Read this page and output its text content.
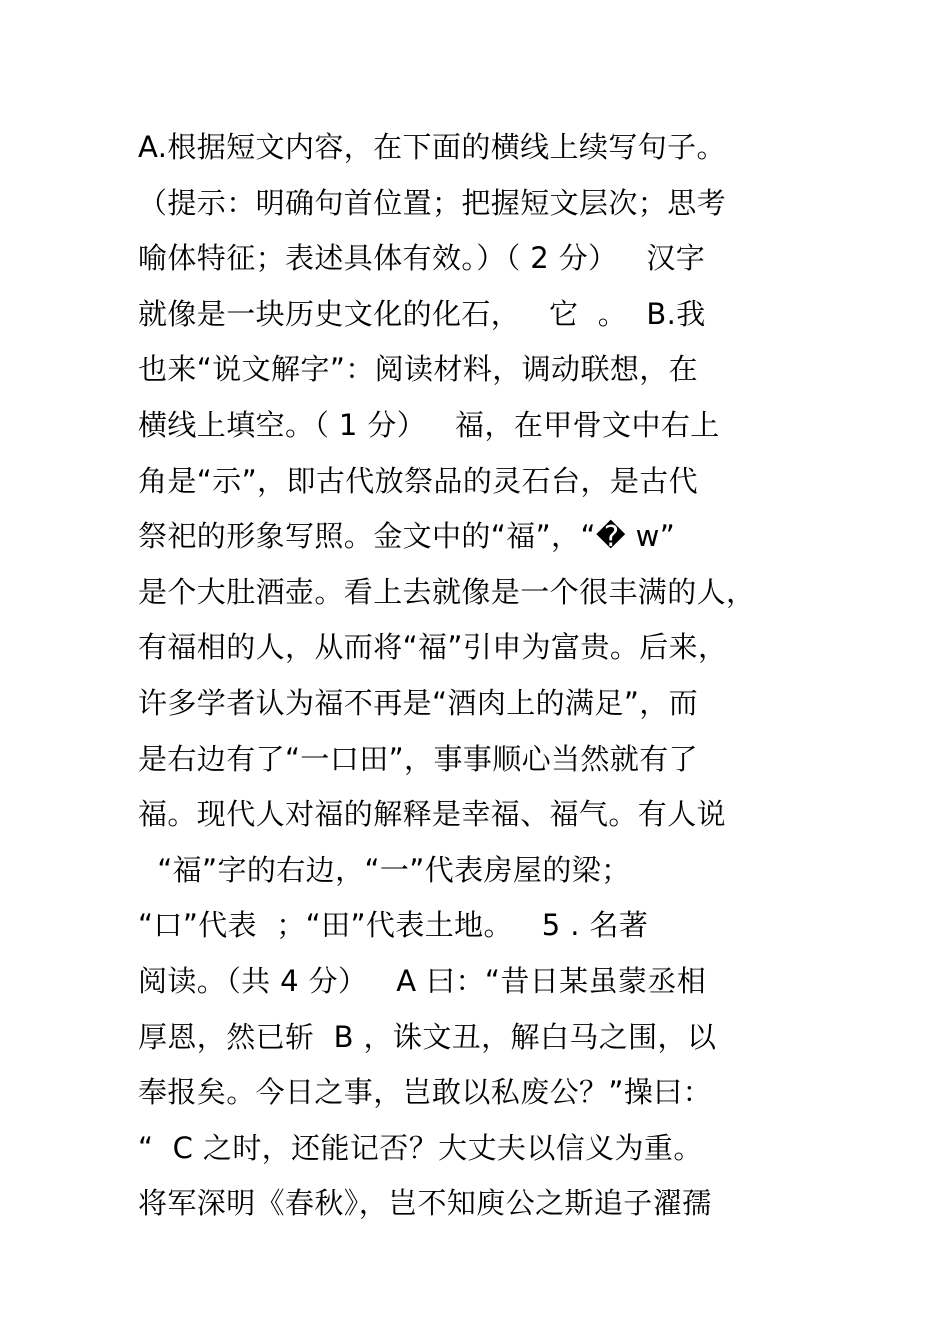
A.根据短文内容，在下面的横线上续写句子。
（提示：明确句首位置；把握短文层次；思考
喻体特征；表述具体有效。）（ 2 分）   汉字
就像是一块历史文化的化石，   它  。  B.我
也来“说文解字”：阅读材料，调动联想，在
横线上填空。（ 1 分）   福，在甲骨文中右上
角是“示”，即古代放祭品的灵石台，是古代
祭祀的形象写照。金文中的“福”，“� w”
是个大肚酒壶。看上去就像是一个很丰满的人，
有福相的人，从而将“福”引申为富贵。后来，
许多学者认为福不再是“酒肉上的满足”，而
是右边有了“一口田”，事事顺心当然就有了
福。现代人对福的解释是幸福、福气。有人说
“福”字的右边，“一”代表房屋的梁；
“口”代表  ；“田”代表土地。   5 . 名著
阅读。（共 4 分）   A 曰：“昔日某虽蒙丞相
厚恩，然已斩  B ，诛文丑，解白马之围，以
奉报矣。今日之事，岂敢以私废公？”操曰：
“  C 之时，还能记否？大丈夫以信义为重。
将军深明《春秋》，岂不知庾公之斯追子濯孺
